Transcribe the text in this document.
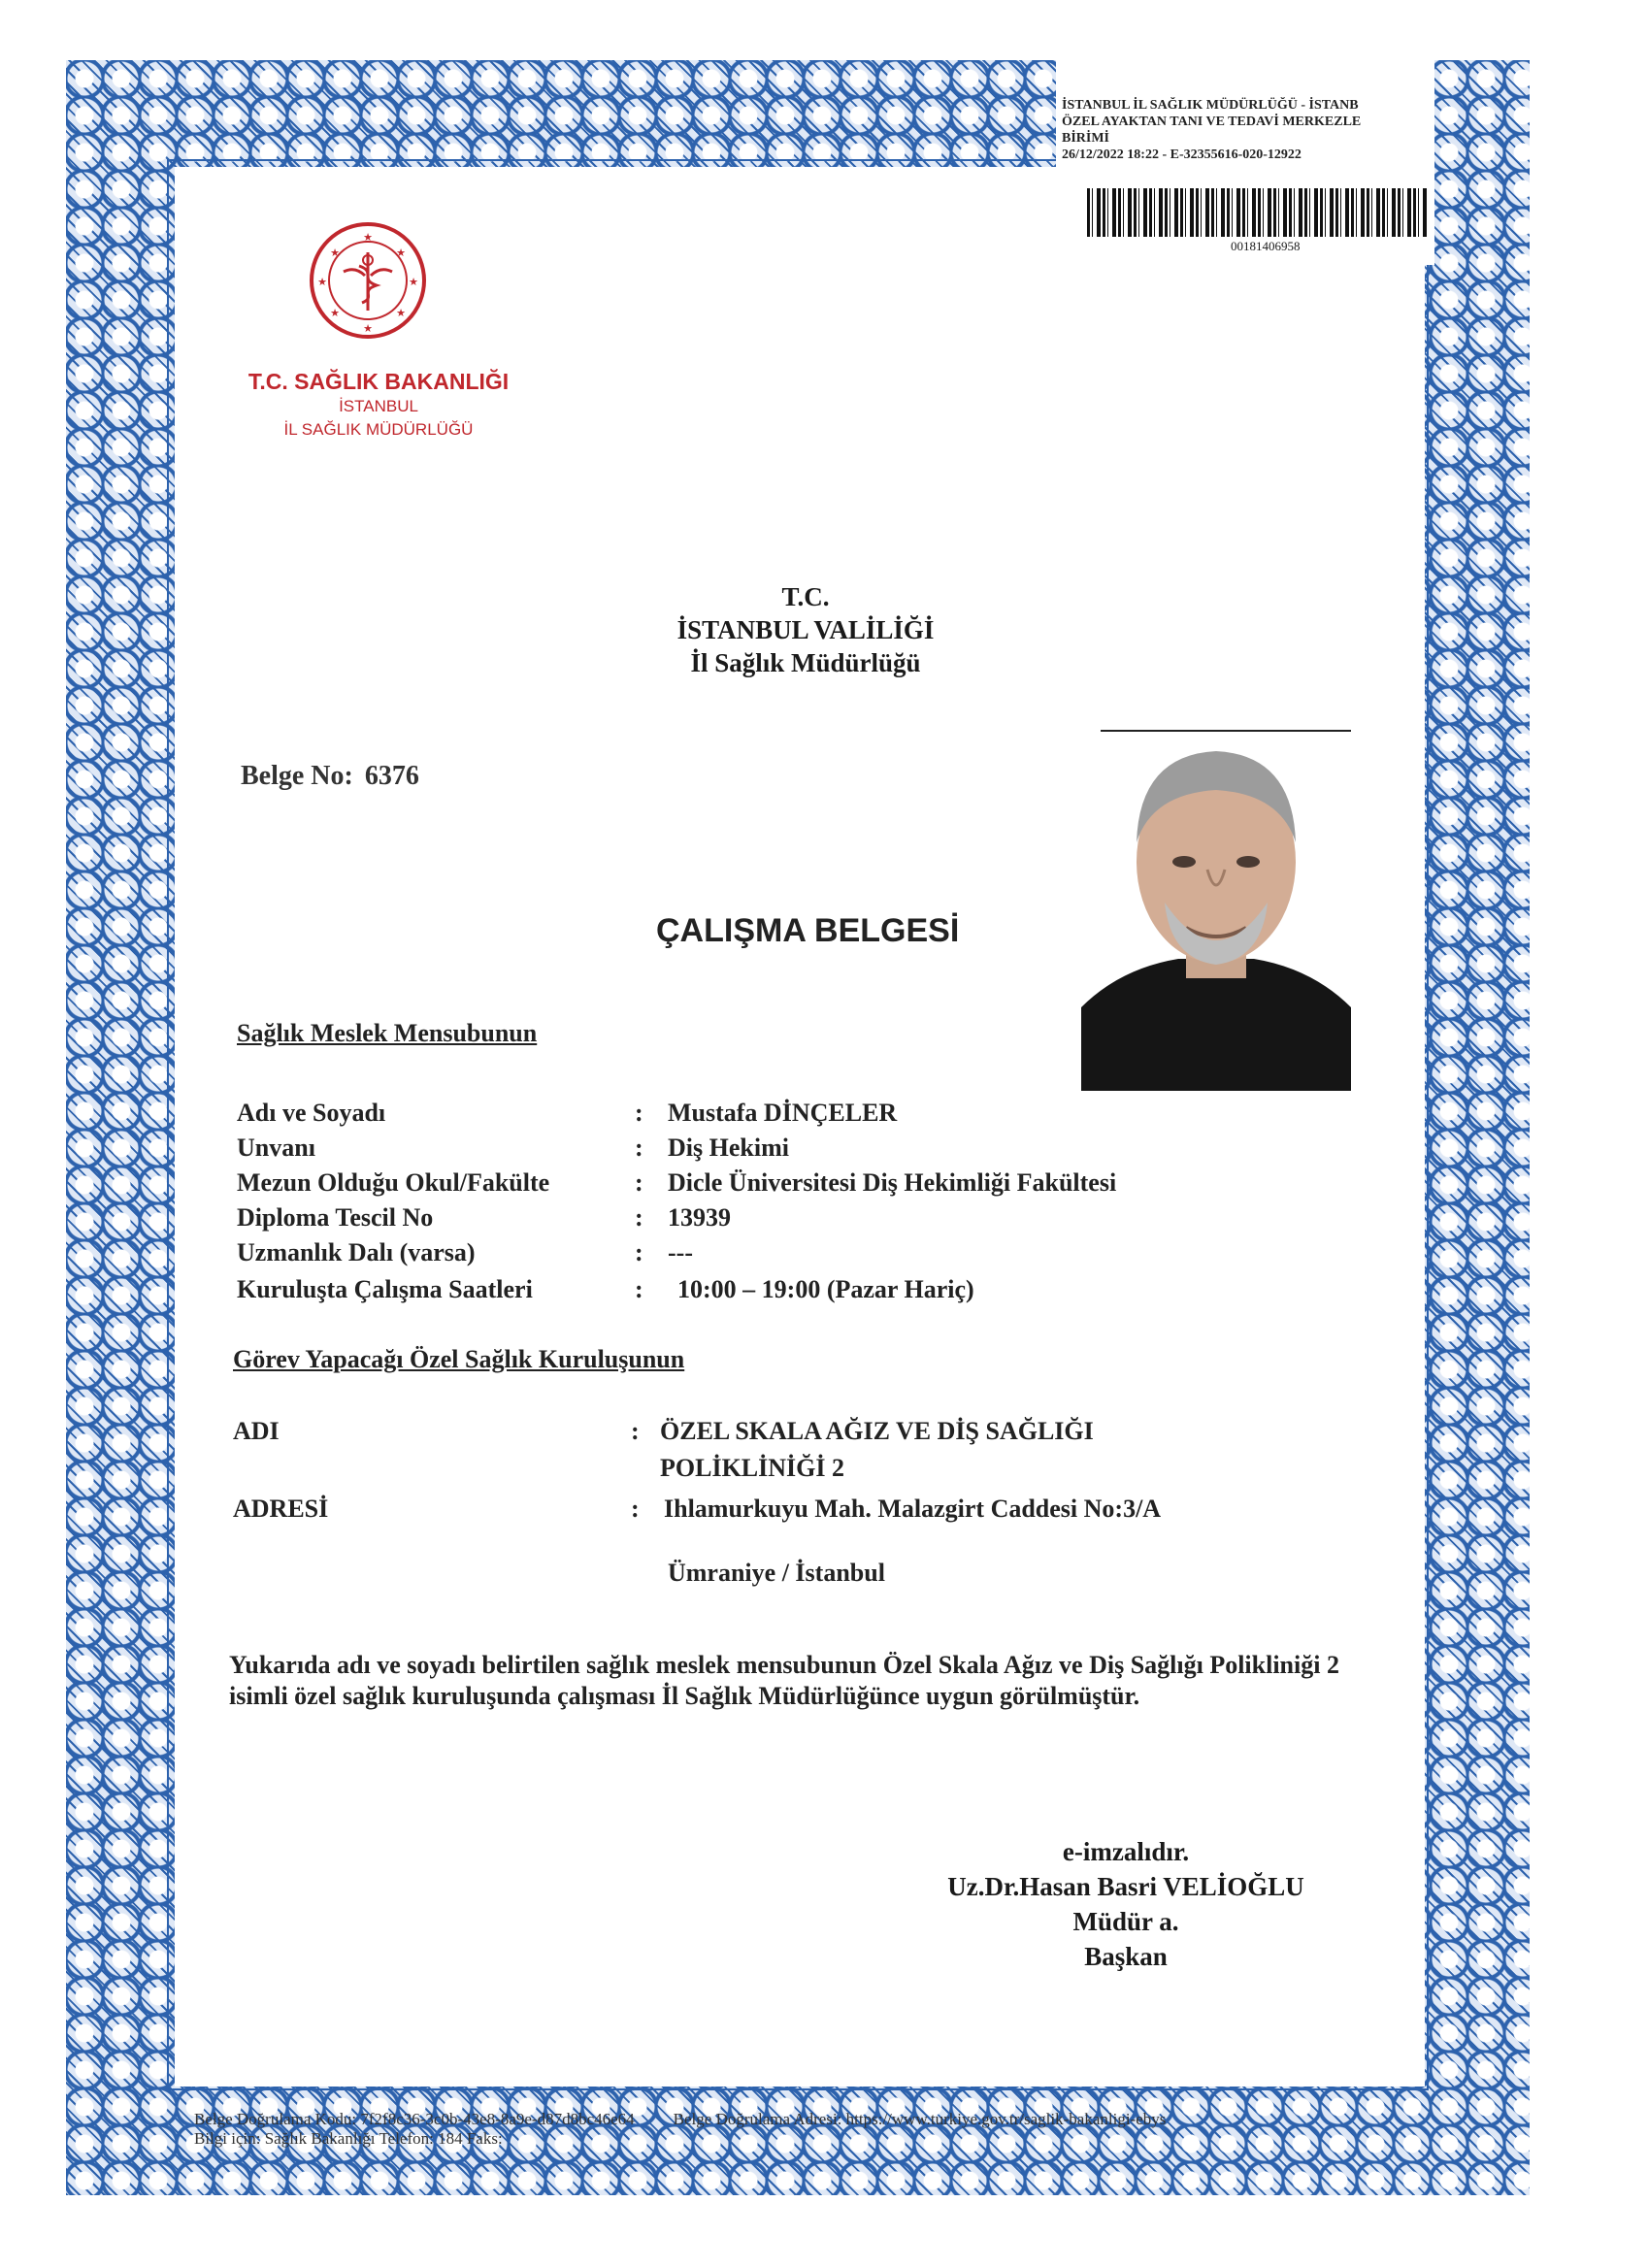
İSTANBUL İL SAĞLIK MÜDÜRLÜĞÜ - İSTANB
ÖZEL AYAKTAN TANI VE TEDAVİ MERKEZLE
BİRİMİ
26/12/2022 18:22 - E-32355616-020-12922
00181406958
★
★
★
★
★
★
★
★
T.C. SAĞLIK BAKANLIĞI
İSTANBUL
İL SAĞLIK MÜDÜRLÜĞÜ
T.C.
İSTANBUL VALİLİĞİ
İl Sağlık Müdürlüğü
Belge No: 6376
ÇALIŞMA BELGESİ
Sağlık Meslek Mensubunun
Adı ve Soyadı	: Mustafa DİNÇELER
Unvanı	: Diş Hekimi
Mezun Olduğu Okul/Fakülte	: Dicle Üniversitesi Diş Hekimliği Fakültesi
Diploma Tescil No	: 13939
Uzmanlık Dalı (varsa)	: ---
Kuruluşta Çalışma Saatleri	: 10:00 – 19:00 (Pazar Hariç)
Görev Yapacağı Özel Sağlık Kuruluşunun
ADI	: ÖZEL SKALA AĞIZ VE DİŞ SAĞLIĞI
POLİKLİNİĞİ 2
ADRESİ	: Ihlamurkuyu Mah. Malazgirt Caddesi No:3/A
Ümraniye / İstanbul
Yukarıda adı ve soyadı belirtilen sağlık meslek mensubunun Özel Skala Ağız ve Diş Sağlığı Polikliniği 2 isimli özel sağlık kuruluşunda çalışması İl Sağlık Müdürlüğünce uygun görülmüştür.
e-imzalıdır.
Uz.Dr.Hasan Basri VELİOĞLU
Müdür a.
Başkan
Belge Doğrulama Kodu: 7f2f8c36-3c0b-43e8-8a9e-d87d8bc46e64 Belge Doğrulama Adresi: https://www.turkiye.gov.tr/saglik-bakanligi-ebys
Bilgi için: Sağlık Bakanlığı Telefon: 184 Faks:
